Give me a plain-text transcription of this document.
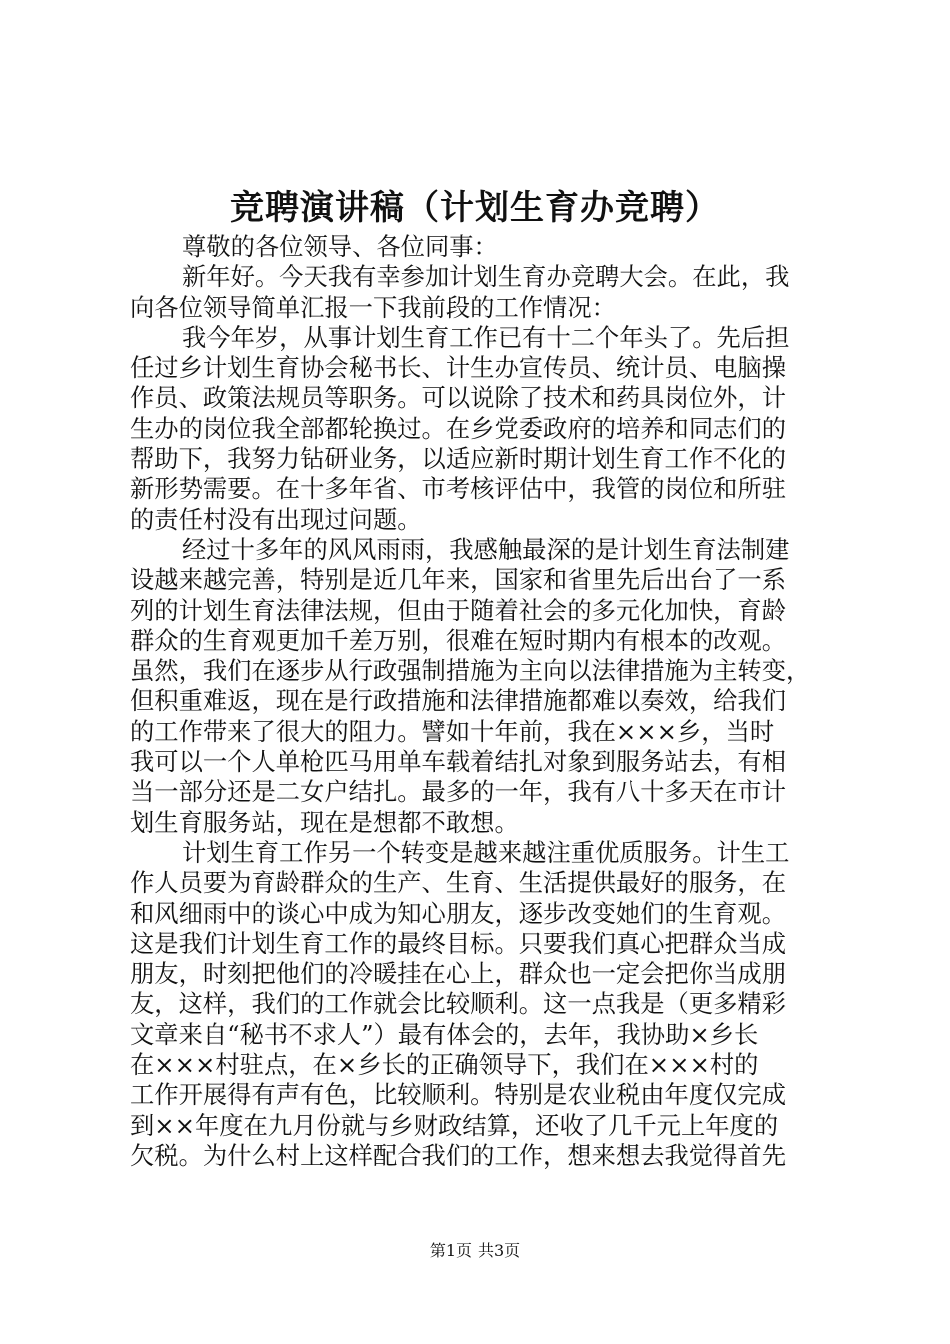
竞聘演讲稿（计划生育办竞聘）
尊敬的各位领导、各位同事：
新年好。今天我有幸参加计划生育办竞聘大会。在此，我
向各位领导简单汇报一下我前段的工作情况：
我今年岁，从事计划生育工作已有十二个年头了。先后担
任过乡计划生育协会秘书长、计生办宣传员、统计员、电脑操
作员、政策法规员等职务。可以说除了技术和药具岗位外，计
生办的岗位我全部都轮换过。在乡党委政府的培养和同志们的
帮助下，我努力钻研业务，以适应新时期计划生育工作不化的
新形势需要。在十多年省、市考核评估中，我管的岗位和所驻
的责任村没有出现过问题。
经过十多年的风风雨雨，我感触最深的是计划生育法制建
设越来越完善，特别是近几年来，国家和省里先后出台了一系
列的计划生育法律法规，但由于随着社会的多元化加快，育龄
群众的生育观更加千差万别，很难在短时期内有根本的改观。
虽然，我们在逐步从行政强制措施为主向以法律措施为主转变，
但积重难返，现在是行政措施和法律措施都难以奏效，给我们
的工作带来了很大的阻力。譬如十年前，我在×××乡，当时
我可以一个人单枪匹马用单车载着结扎对象到服务站去，有相
当一部分还是二女户结扎。最多的一年，我有八十多天在市计
划生育服务站，现在是想都不敢想。
计划生育工作另一个转变是越来越注重优质服务。计生工
作人员要为育龄群众的生产、生育、生活提供最好的服务，在
和风细雨中的谈心中成为知心朋友，逐步改变她们的生育观。
这是我们计划生育工作的最终目标。只要我们真心把群众当成
朋友，时刻把他们的冷暖挂在心上，群众也一定会把你当成朋
友，这样，我们的工作就会比较顺利。这一点我是（更多精彩
文章来自“秘书不求人”）最有体会的，去年，我协助×乡长
在×××村驻点，在×乡长的正确领导下，我们在×××村的
工作开展得有声有色，比较顺利。特别是农业税由年度仅完成
到××年度在九月份就与乡财政结算，还收了几千元上年度的
欠税。为什么村上这样配合我们的工作，想来想去我觉得首先
第1页 共3页
